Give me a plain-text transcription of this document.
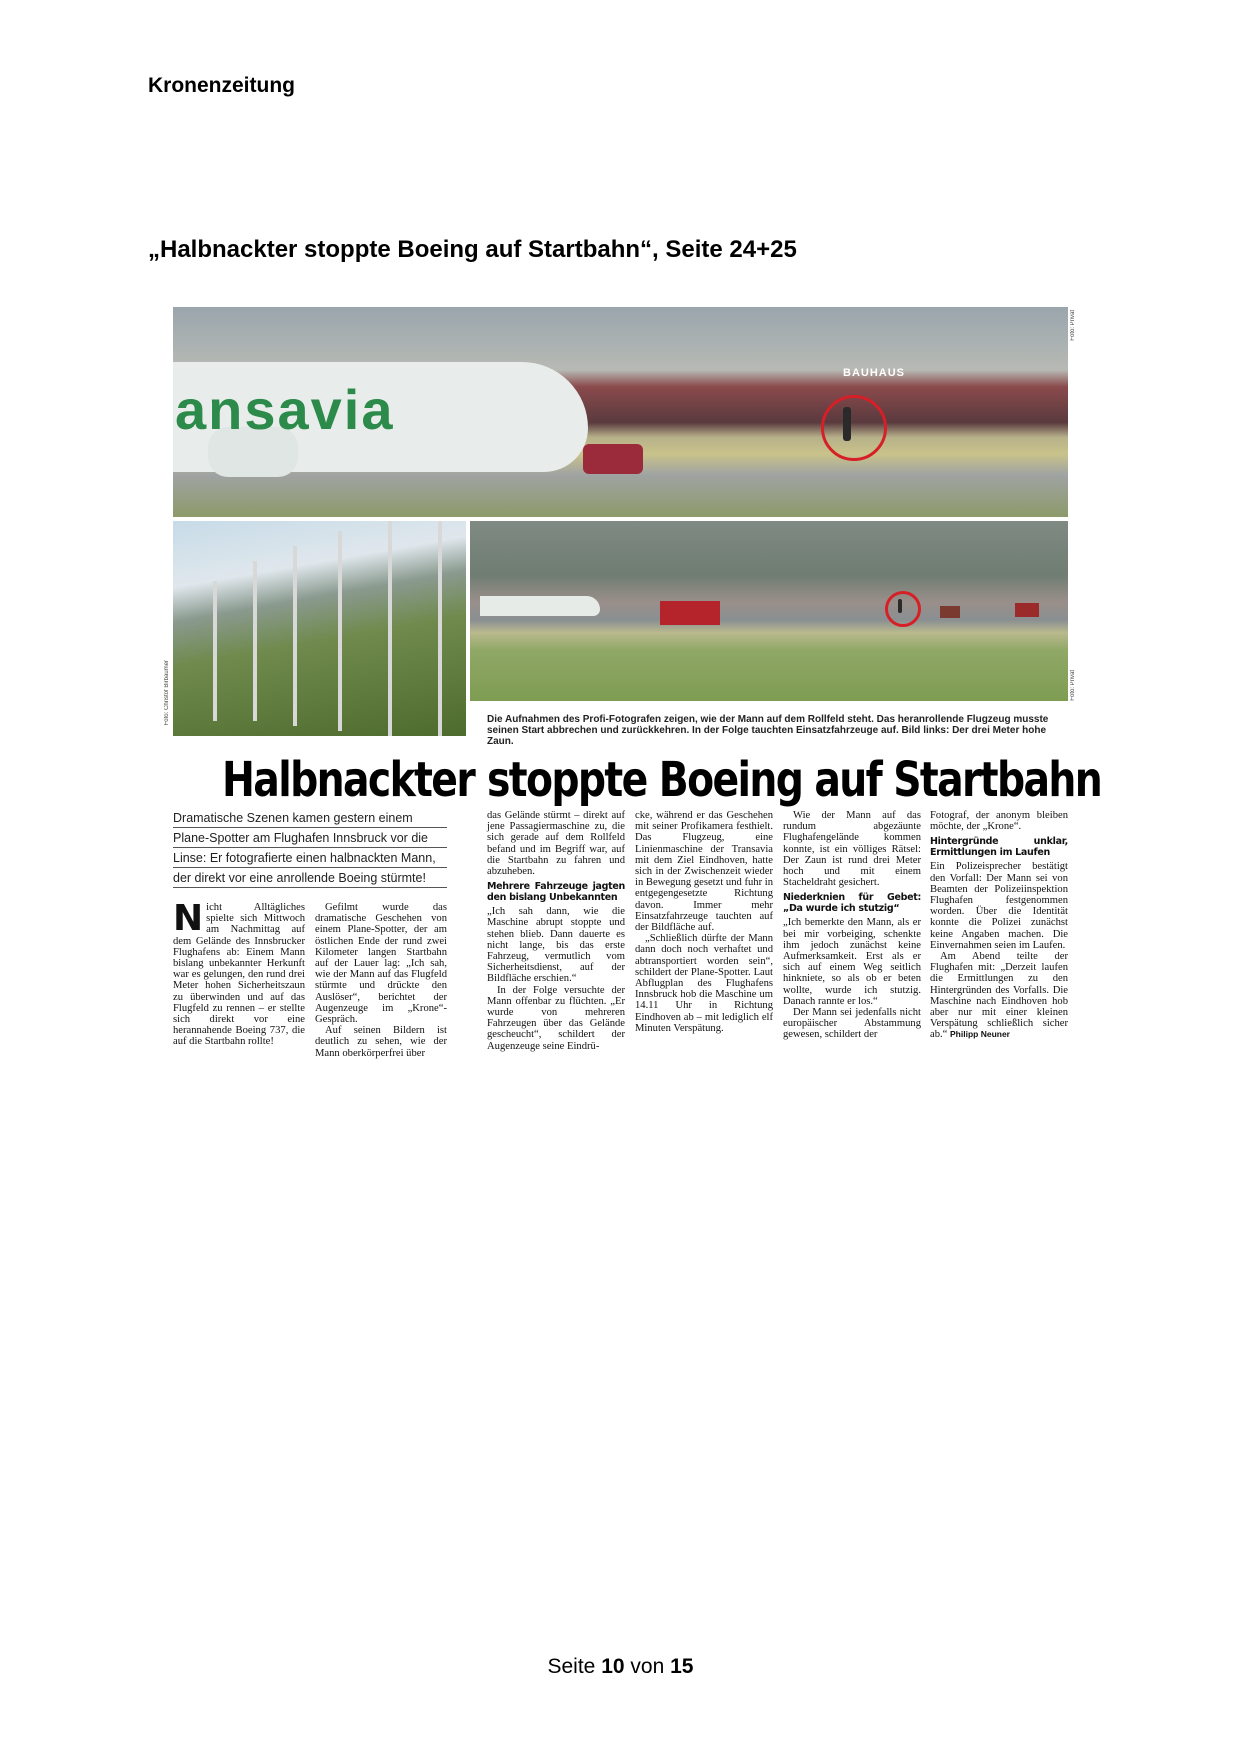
Kronenzeitung
„Halbnackter stoppte Boeing auf Startbahn“, Seite 24+25
ansavia
BAUHAUS
Foto: Privat
Foto: Christof Birbaumer	Foto: Privat
Die Aufnahmen des Profi-Fotografen zeigen, wie der Mann auf dem Rollfeld steht. Das heranrollende Flugzeug musste seinen Start abbrechen und zurückkehren. In der Folge tauchten Einsatzfahrzeuge auf. Bild links: Der drei Meter hohe Zaun.
Halbnackter stoppte Boeing auf Startbahn
Dramatische Szenen kamen gestern einem
Plane-Spotter am Flughafen Innsbruck vor die
Linse: Er fotografierte einen halbnackten Mann,
der direkt vor eine anrollende Boeing stürmte!
N icht Alltägliches spielte sich Mittwoch am Nachmittag auf dem Gelände des Innsbrucker Flughafens ab: Einem Mann bislang unbekannter Herkunft war es gelungen, den rund drei Meter hohen Sicherheitszaun zu überwinden und auf das Flugfeld zu rennen – er stellte sich direkt vor eine herannahende Boeing 737, die auf die Startbahn rollte!

Gefilmt wurde das dramatische Geschehen von einem Plane-Spotter, der am östlichen Ende der rund zwei Kilometer langen Startbahn auf der Lauer lag: „Ich sah, wie der Mann auf das Flugfeld stürmte und drückte den Auslöser“, berichtet der Augenzeuge im „Krone“-Gespräch.

Auf seinen Bildern ist deutlich zu sehen, wie der Mann oberkörperfrei über

das Gelände stürmt – direkt auf jene Passagiermaschine zu, die sich gerade auf dem Rollfeld befand und im Begriff war, auf die Startbahn zu fahren und abzuheben.

Mehrere Fahrzeuge jagten den bislang Unbekannten

„Ich sah dann, wie die Maschine abrupt stoppte und stehen blieb. Dann dauerte es nicht lange, bis das erste Fahrzeug, vermutlich vom Sicherheitsdienst, auf der Bildfläche erschien.“

In der Folge versuchte der Mann offenbar zu flüchten. „Er wurde von mehreren Fahrzeugen über das Gelände gescheucht“, schildert der Augenzeuge seine Eindrü-

cke, während er das Geschehen mit seiner Profikamera festhielt. Das Flugzeug, eine Linienmaschine der Transavia mit dem Ziel Eindhoven, hatte sich in der Zwischenzeit wieder in Bewegung gesetzt und fuhr in entgegengesetzte Richtung davon. Immer mehr Einsatzfahrzeuge tauchten auf der Bildfläche auf.

„Schließlich dürfte der Mann dann doch noch verhaftet und abtransportiert worden sein“, schildert der Plane-Spotter. Laut Abflugplan des Flughafens Innsbruck hob die Maschine um 14.11 Uhr in Richtung Eindhoven ab – mit lediglich elf Minuten Verspätung.

Wie der Mann auf das rundum abgezäunte Flughafengelände kommen konnte, ist ein völliges Rätsel: Der Zaun ist rund drei Meter hoch und mit einem Stacheldraht gesichert.

Niederknien für Gebet: „Da wurde ich stutzig“

„Ich bemerkte den Mann, als er bei mir vorbeiging, schenkte ihm jedoch zunächst keine Aufmerksamkeit. Erst als er sich auf einem Weg seitlich hinkniete, so als ob er beten wollte, wurde ich stutzig. Danach rannte er los.“

Der Mann sei jedenfalls nicht europäischer Abstammung gewesen, schildert der

Fotograf, der anonym bleiben möchte, der „Krone“.

Hintergründe unklar, Ermittlungen im Laufen

Ein Polizeisprecher bestätigt den Vorfall: Der Mann sei von Beamten der Polizeiinspektion Flughafen festgenommen worden. Über die Identität konnte die Polizei zunächst keine Angaben machen. Die Einvernahmen seien im Laufen.

Am Abend teilte der Flughafen mit: „Derzeit laufen die Ermittlungen zu den Hintergründen des Vorfalls. Die Maschine nach Eindhoven hob aber nur mit einer kleinen Verspätung schließlich sicher ab.“ Philipp Neuner

Seite 10 von 15
